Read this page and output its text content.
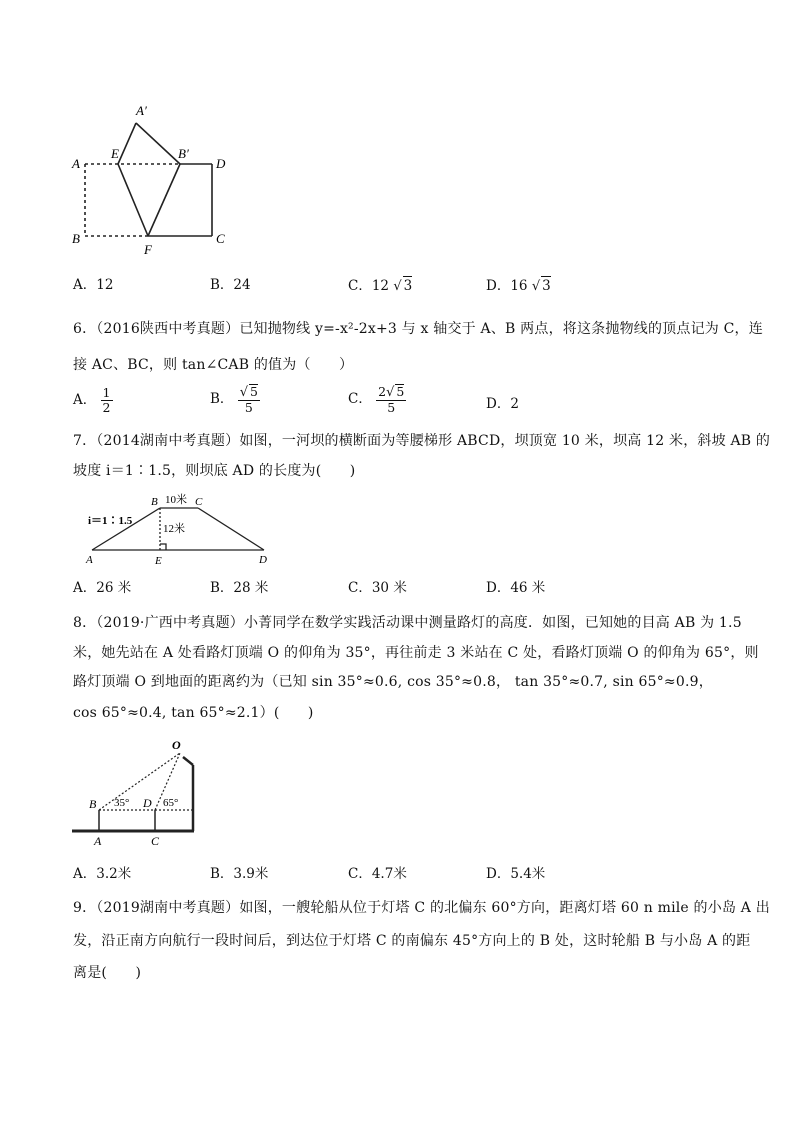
A′
A
E	B′
D
B
F
C
A．12	B．24	C．12 √ 3	D．16 √ 3
6．（2016陕西中考真题）已知抛物线 y=-x²-2x+3 与 x 轴交于 A、B 两点，将这条抛物线的顶点记为 C，连
接 AC、BC，则 tan∠CAB 的值为（　　）
A． $\frac{1}{2}$	B． $\frac{√ 5}{5}$	C． $\frac{2√ 5}{5}$	D．2
7．（2014湖南中考真题）如图，一河坝的横断面为等腰梯形 ABCD，坝顶宽 10 米，坝高 12 米，斜坡 AB 的
坡度 i＝1∶1.5，则坝底 AD 的长度为(　　)
i＝1∶1.5
10米
12米
B	C
A	E	D
A．26 米	B．28 米	C．30 米	D．46 米
8．（2019·广西中考真题）小菁同学在数学实践活动课中测量路灯的高度．如图，已知她的目高 AB 为 1.5
米，她先站在 A 处看路灯顶端 O 的仰角为 35°，再往前走 3 米站在 C 处，看路灯顶端 O 的仰角为 65°，则
路灯顶端 O 到地面的距离约为（已知 sin 35°≈0.6, cos 35°≈0.8， tan 35°≈0.7, sin 65°≈0.9，
cos 65°≈0.4, tan 65°≈2.1）(　　)
O
B 35° D 65°
A	C
A．3.2米	B．3.9米	C．4.7米	D．5.4米
9．（2019湖南中考真题）如图，一艘轮船从位于灯塔 C 的北偏东 60°方向，距离灯塔 60 n mile 的小岛 A 出
发，沿正南方向航行一段时间后，到达位于灯塔 C 的南偏东 45°方向上的 B 处，这时轮船 B 与小岛 A 的距
离是(　　)
